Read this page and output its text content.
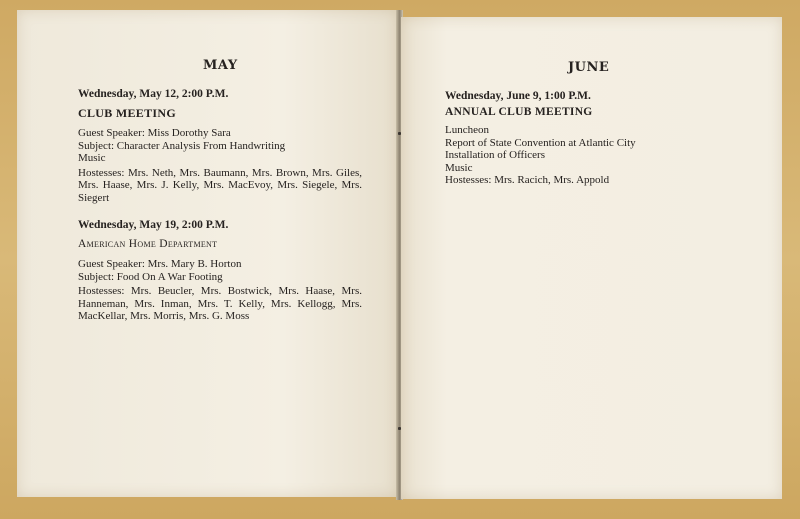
MAY
Wednesday, May 12, 2:00 P.M.
CLUB MEETING

Guest Speaker: Miss Dorothy Sara

Subject: Character Analysis From Handwriting

Music

Hostesses: Mrs. Neth, Mrs. Baumann, Mrs. Brown, Mrs. Giles, Mrs. Haase, Mrs. J. Kelly, Mrs. MacEvoy, Mrs. Siegele, Mrs. Siegert

Wednesday, May 19, 2:00 P.M.
American Home Department

Guest Speaker: Mrs. Mary B. Horton

Subject: Food On A War Footing

Hostesses: Mrs. Beucler, Mrs. Bostwick, Mrs. Haase, Mrs. Hanneman, Mrs. Inman, Mrs. T. Kelly, Mrs. Kellogg, Mrs. MacKellar, Mrs. Morris, Mrs. G. Moss

JUNE
Wednesday, June 9, 1:00 P.M.
ANNUAL CLUB MEETING

Luncheon

Report of State Convention at Atlantic City

Installation of Officers

Music

Hostesses: Mrs. Racich, Mrs. Appold
